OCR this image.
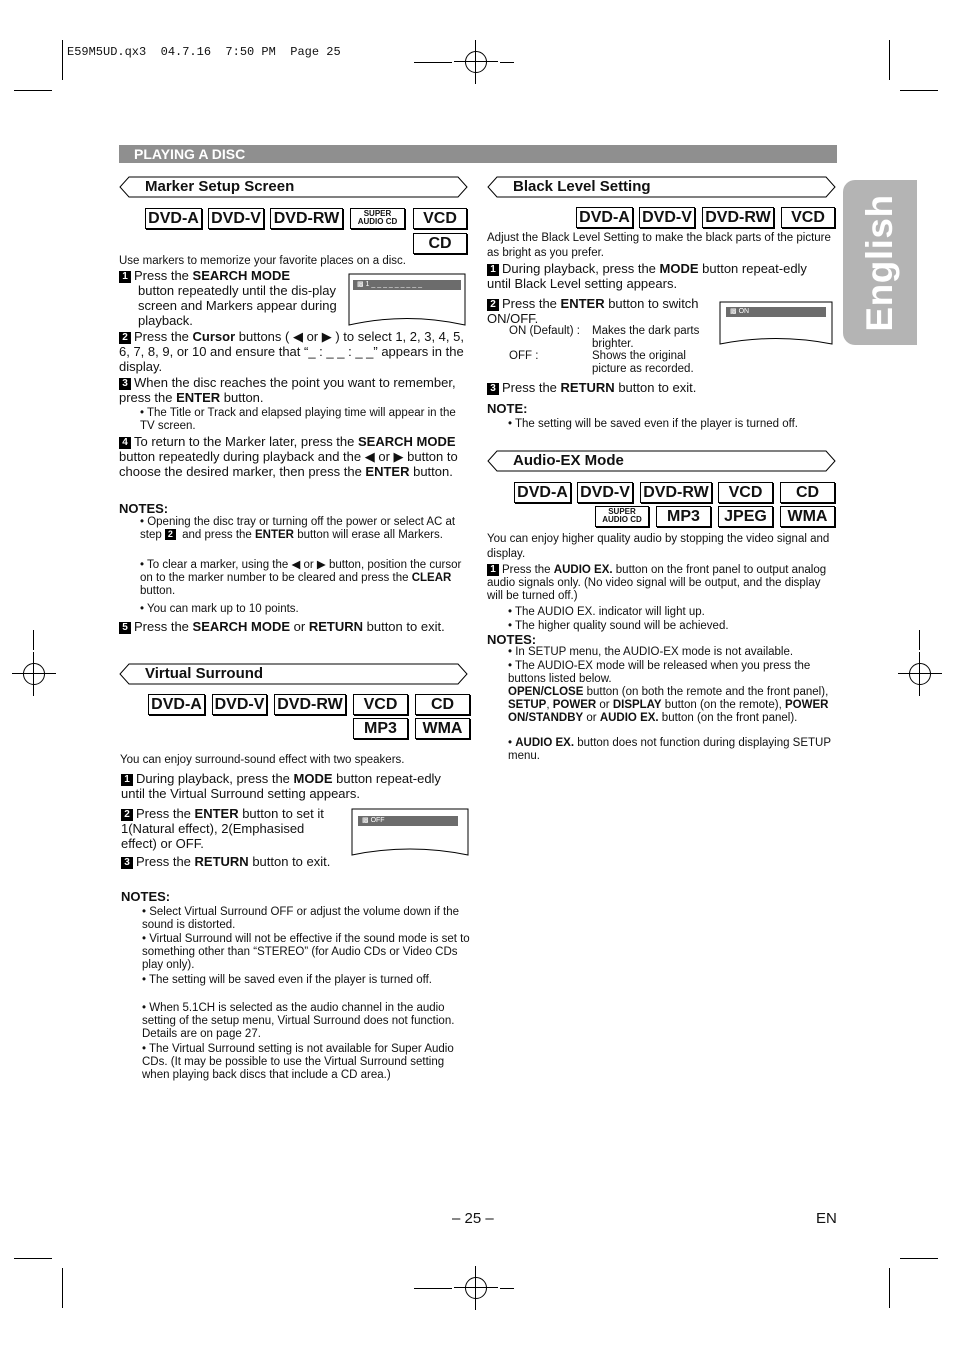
E59M5UD.qx3  04.7.16  7:50 PM  Page 25
PLAYING A DISC
English
Marker Setup Screen
DVD-A DVD-V DVD-RW	SUPER
AUDIO CD	VCD
CD
Use markers to memorize your favorite places on a disc.
▩ 1 _ _ _ _ _ _ _ _ _
1 Press the SEARCH MODE
button repeatedly until the dis-play screen and Markers appear during playback.
2 Press the Cursor buttons ( ◀ or ▶ ) to select 1, 2, 3, 4, 5, 6, 7, 8, 9, or 10 and ensure that “_ : _ _ : _ _” appears in the display.
3 When the disc reaches the point you want to remember, press the ENTER button.
• The Title or Track and elapsed playing time will appear in the TV screen.
4 To return to the Marker later, press the SEARCH MODE button repeatedly during playback and the ◀ or ▶ button to choose the desired marker, then press the ENTER button.
NOTES:
• Opening the disc tray or turning off the power or select AC at step 2 and press the ENTER button will erase all Markers.
• To clear a marker, using the ◀ or ▶ button, position the cursor on to the marker number to be cleared and press the CLEAR button.
• You can mark up to 10 points.
5 Press the SEARCH MODE or RETURN button to exit.
Virtual Surround
DVD-A DVD-V DVD-RW	VCD	CD
MP3	WMA
You can enjoy surround-sound effect with two speakers.
1 During playback, press the MODE button repeat-edly until the Virtual Surround setting appears.
2 Press the ENTER button to set it 1(Natural effect), 2(Emphasised effect) or OFF.
▩ OFF
3 Press the RETURN button to exit.
NOTES:
• Select Virtual Surround OFF or adjust the volume down if the sound is distorted.
• Virtual Surround will not be effective if the sound mode is set to something other than “STEREO” (for Audio CDs or Video CDs play only).
• The setting will be saved even if the player is turned off.
• When 5.1CH is selected as the audio channel in the audio setting of the setup menu, Virtual Surround does not function. Details are on page 27.
• The Virtual Surround setting is not available for Super Audio CDs. (It may be possible to use the Virtual Surround setting when playing back discs that include a CD area.)
Black Level Setting
DVD-A DVD-V DVD-RW	VCD
Adjust the Black Level Setting to make the black parts of the picture as bright as you prefer.
1 During playback, press the MODE button repeat-edly until Black Level setting appears.
2 Press the ENTER button to switch ON/OFF.	▩ ON
ON (Default) : Makes the dark parts brighter.
OFF :	Shows the original picture as recorded.
3 Press the RETURN button to exit.
NOTE:
• The setting will be saved even if the player is turned off.
Audio-EX Mode
DVD-A DVD-V DVD-RW	VCD	CD
SUPER
AUDIO CD	MP3	JPEG	WMA
You can enjoy higher quality audio by stopping the video signal and display.
1 Press the AUDIO EX. button on the front panel to output analog audio signals only. (No video signal will be output, and the display will be turned off.)
• The AUDIO EX. indicator will light up.
• The higher quality sound will be achieved.
NOTES:
• In SETUP menu, the AUDIO-EX mode is not available.
• The AUDIO-EX mode will be released when you press the buttons listed below.
OPEN/CLOSE button (on both the remote and the front panel), SETUP, POWER or DISPLAY button (on the remote), POWER ON/STANDBY or AUDIO EX. button (on the front panel).
• AUDIO EX. button does not function during displaying SETUP menu.
– 25 –	EN
